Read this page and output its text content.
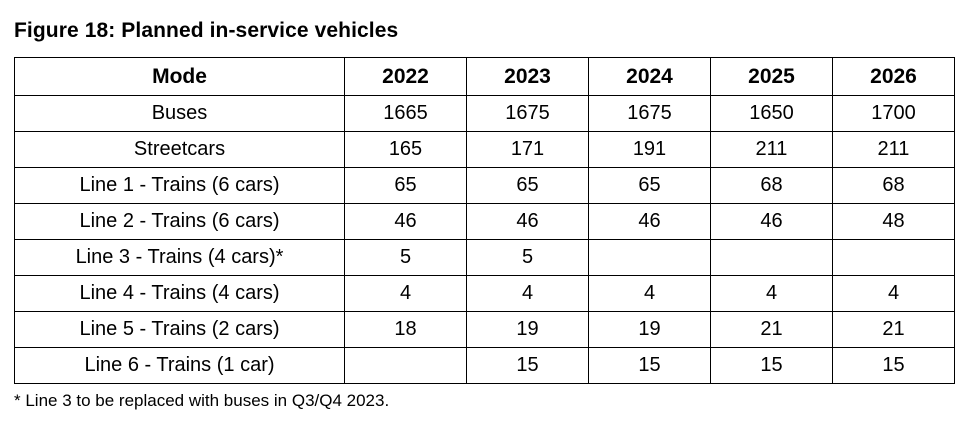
Figure 18: Planned in-service vehicles
Mode	2022	2023	2024	2025	2026
Buses	1665	1675	1675	1650	1700
Streetcars	165	171	191	211	211
Line 1 - Trains (6 cars)	65	65	65	68	68
Line 2 - Trains (6 cars)	46	46	46	46	48
Line 3 - Trains (4 cars)*	5	5			
Line 4 - Trains (4 cars)	4	4	4	4	4
Line 5 - Trains (2 cars)	18	19	19	21	21
Line 6 - Trains (1 car)		15	15	15	15
* Line 3 to be replaced with buses in Q3/Q4 2023.
